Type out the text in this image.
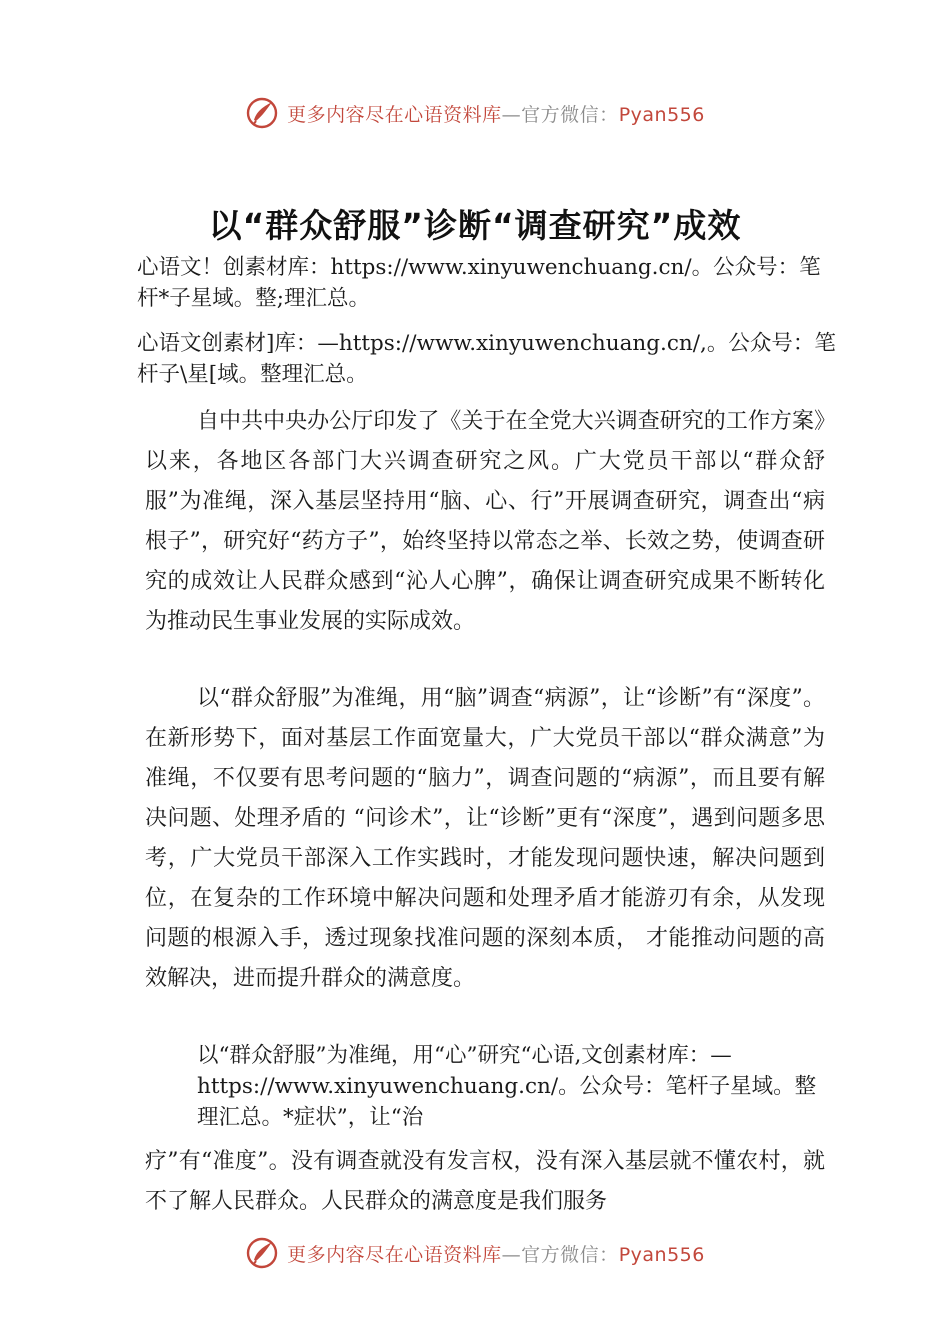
更多内容尽在心语资料库—官方微信：Pyan556
以“群众舒服”诊断“调查研究”成效
心语文！创素材库：https://www.xinyuwenchuang.cn/。公众号：笔杆*子星域。整;理汇总。
心语文创素材]库：—https://www.xinyuwenchuang.cn/,。公众号：笔杆子\星[域。整理汇总。

自中共中央办公厅印发了《关于在全党大兴调查研究的工作方案》以来，各地区各部门大兴调查研究之风。广大党员干部以“群众舒服”为准绳，深入基层坚持用“脑、心、行”开展调查研究，调查出“病根子”，研究好“药方子”，始终坚持以常态之举、长效之势，使调查研究的成效让人民群众感到“沁人心脾”，确保让调查研究成果不断转化为推动民生事业发展的实际成效。

以“群众舒服”为准绳，用“脑”调查“病源”，让“诊断”有“深度”。在新形势下，面对基层工作面宽量大，广大党员干部以“群众满意”为准绳，不仅要有思考问题的“脑力”，调查问题的“病源”，而且要有解决问题、处理矛盾的 “问诊术”，让“诊断”更有“深度”，遇到问题多思考，广大党员干部深入工作实践时，才能发现问题快速，解决问题到位，在复杂的工作环境中解决问题和处理矛盾才能游刃有余，从发现问题的根源入手，透过现象找准问题的深刻本质， 才能推动问题的高效解决，进而提升群众的满意度。

以“群众舒服”为准绳，用“心”研究“心语,文创素材库：—https://www.xinyuwenchuang.cn/。公众号：笔杆子星域。整理汇总。*症状”，让“治

疗”有“准度”。没有调查就没有发言权，没有深入基层就不懂农村，就不了解人民群众。人民群众的满意度是我们服务

更多内容尽在心语资料库—官方微信：Pyan556
